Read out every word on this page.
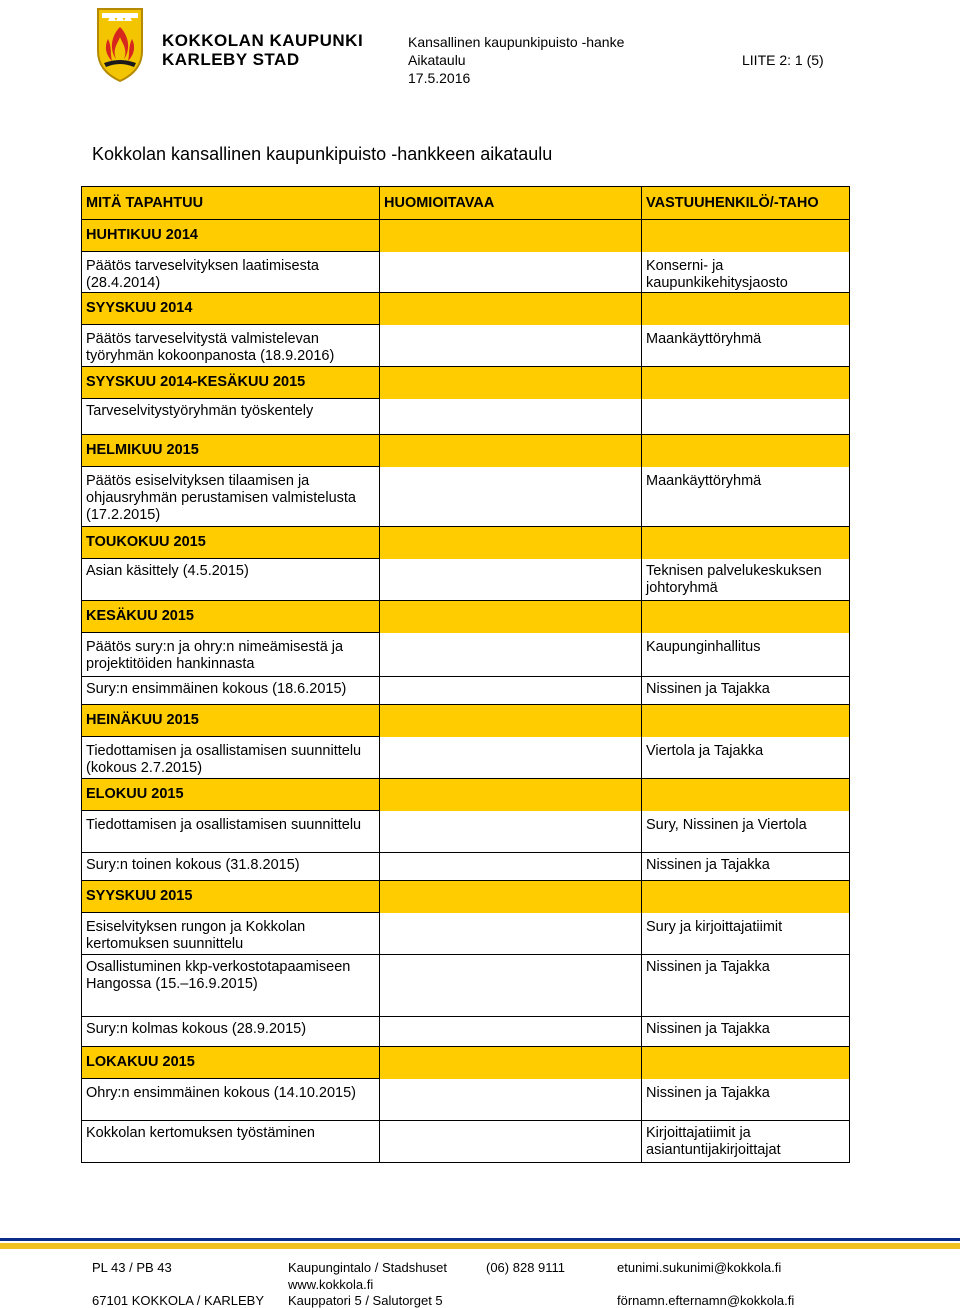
KOKKOLAN KAUPUNKI
KARLEBY STAD
Kansallinen kaupunkipuisto -hanke
Aikataulu
17.5.2016
LIITE 2: 1 (5)
Kokkolan kansallinen kaupunkipuisto -hankkeen aikataulu
MITÄ TAPAHTUU	HUOMIOITAVAA	VASTUUHENKILÖ/-TAHO
HUHTIKUU 2014		
Päätös tarveselvityksen laatimisesta (28.4.2014)		Konserni- ja kaupunkikehitysjaosto
SYYSKUU 2014		
Päätös tarveselvitystä valmistelevan työryhmän kokoonpanosta (18.9.2016)		Maankäyttöryhmä
SYYSKUU 2014-KESÄKUU 2015		
Tarveselvitystyöryhmän työskentely		
HELMIKUU 2015		
Päätös esiselvityksen tilaamisen ja ohjausryhmän perustamisen valmistelusta (17.2.2015)		Maankäyttöryhmä
TOUKOKUU 2015		
Asian käsittely (4.5.2015)		Teknisen palvelukeskuksen johtoryhmä
KESÄKUU 2015		
Päätös sury:n ja ohry:n nimeämisestä ja projektitöiden hankinnasta		Kaupunginhallitus
Sury:n ensimmäinen kokous (18.6.2015)		Nissinen ja Tajakka
HEINÄKUU 2015		
Tiedottamisen ja osallistamisen suunnittelu (kokous 2.7.2015)		Viertola ja Tajakka
ELOKUU 2015		
Tiedottamisen ja osallistamisen suunnittelu		Sury, Nissinen ja Viertola
Sury:n toinen kokous (31.8.2015)		Nissinen ja Tajakka
SYYSKUU 2015		
Esiselvityksen rungon ja Kokkolan kertomuksen suunnittelu		Sury ja kirjoittajatiimit
Osallistuminen kkp-verkostotapaamiseen Hangossa (15.–16.9.2015)		Nissinen ja Tajakka
Sury:n kolmas kokous (28.9.2015)		Nissinen ja Tajakka
LOKAKUU 2015		
Ohry:n ensimmäinen kokous (14.10.2015)		Nissinen ja Tajakka
Kokkolan kertomuksen työstäminen		Kirjoittajatiimit ja asiantuntijakirjoittajat
PL 43 / PB 43
67101 KOKKOLA / KARLEBY
Kaupungintalo / Stadshuset
www.kokkola.fi
Kauppatori 5 / Salutorget 5
(06) 828 9111	etunimi.sukunimi@kokkola.fi
förnamn.efternamn@kokkola.fi
